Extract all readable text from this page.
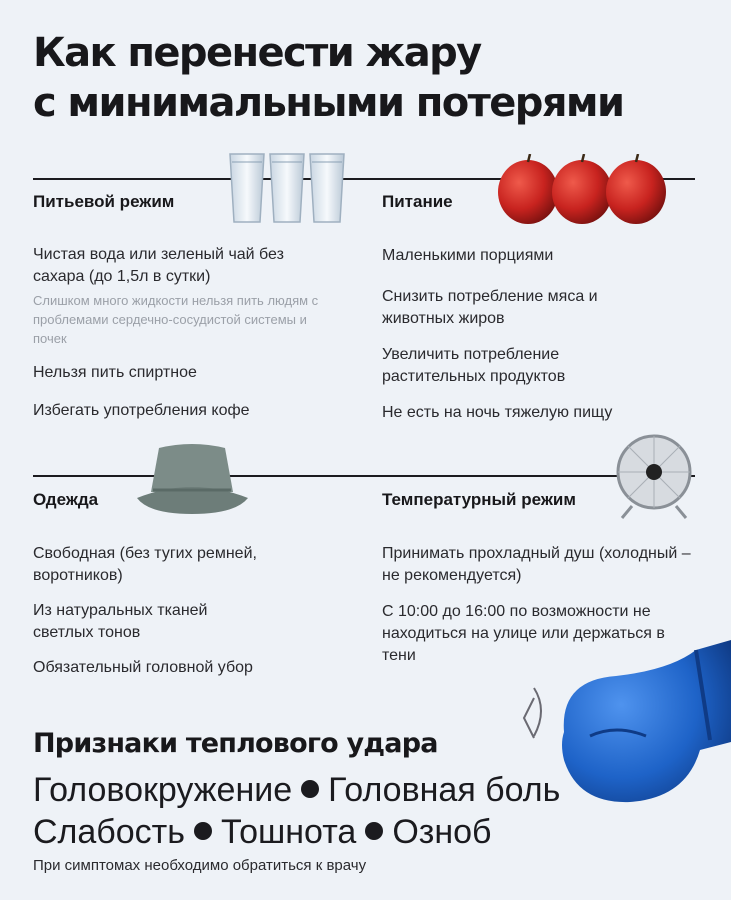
Как перенести жару
с минимальными потерями
Питьевой режим
Чистая вода или зеленый чай без сахара (до 1,5л в сутки)
Слишком много жидкости нельзя пить людям с проблемами сердечно-сосудистой системы и почек
Нельзя пить спиртное
Избегать употребления кофе
Питание
Маленькими порциями
Снизить потребление мяса и животных жиров
Увеличить потребление растительных продуктов
Не есть на ночь тяжелую пищу
Одежда
Свободная (без тугих ремней, воротников)
Из натуральных тканей светлых тонов
Обязательный головной убор
Температурный режим
Принимать прохладный душ (холодный – не рекомендуется)
С 10:00 до 16:00 по возможности не находиться на улице или держаться в тени
Признаки теплового удара
Головокружение Головная боль
Слабость Тошнота Озноб
При симптомах необходимо обратиться к врачу
